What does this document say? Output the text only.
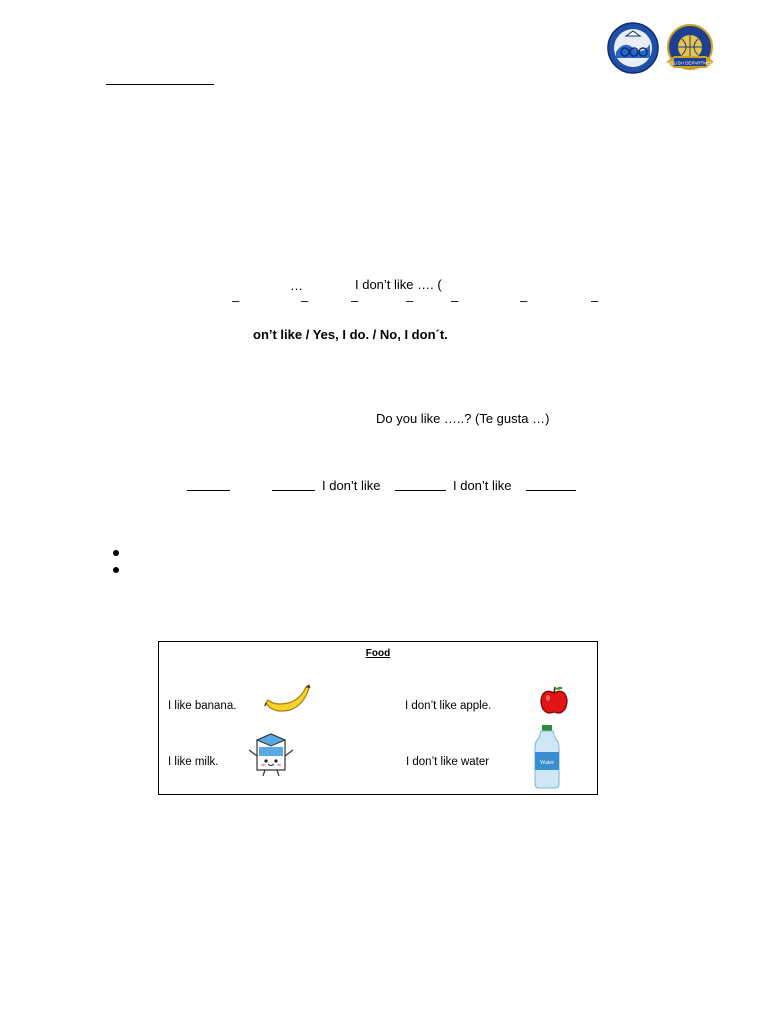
ENGLISH DEPARTMENT
…	I don’t like …. (
–	–	–	–	–	–	–
on’t like / Yes, I do. / No, I don´t.
Do you like …..? (Te gusta …)
I don’t like	I don’t like
Food
I like banana.	I don’t like apple.
I like milk.	I don’t like water	Water
